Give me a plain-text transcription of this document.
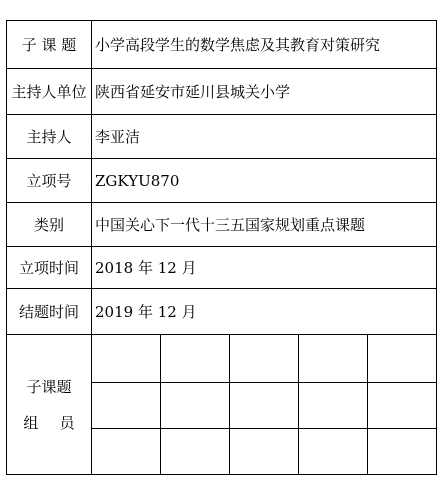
子 课 题	小学高段学生的数学焦虑及其教育对策研究				
主持人单位	陕西省延安市延川县城关小学				
主持人	李亚洁				
立项号	ZGKYU870				
类别	中国关心下一代十三五国家规划重点课题				
立项时间	2018 年 12 月				
结题时间	2019 年 12 月				

子课题
组 员					
